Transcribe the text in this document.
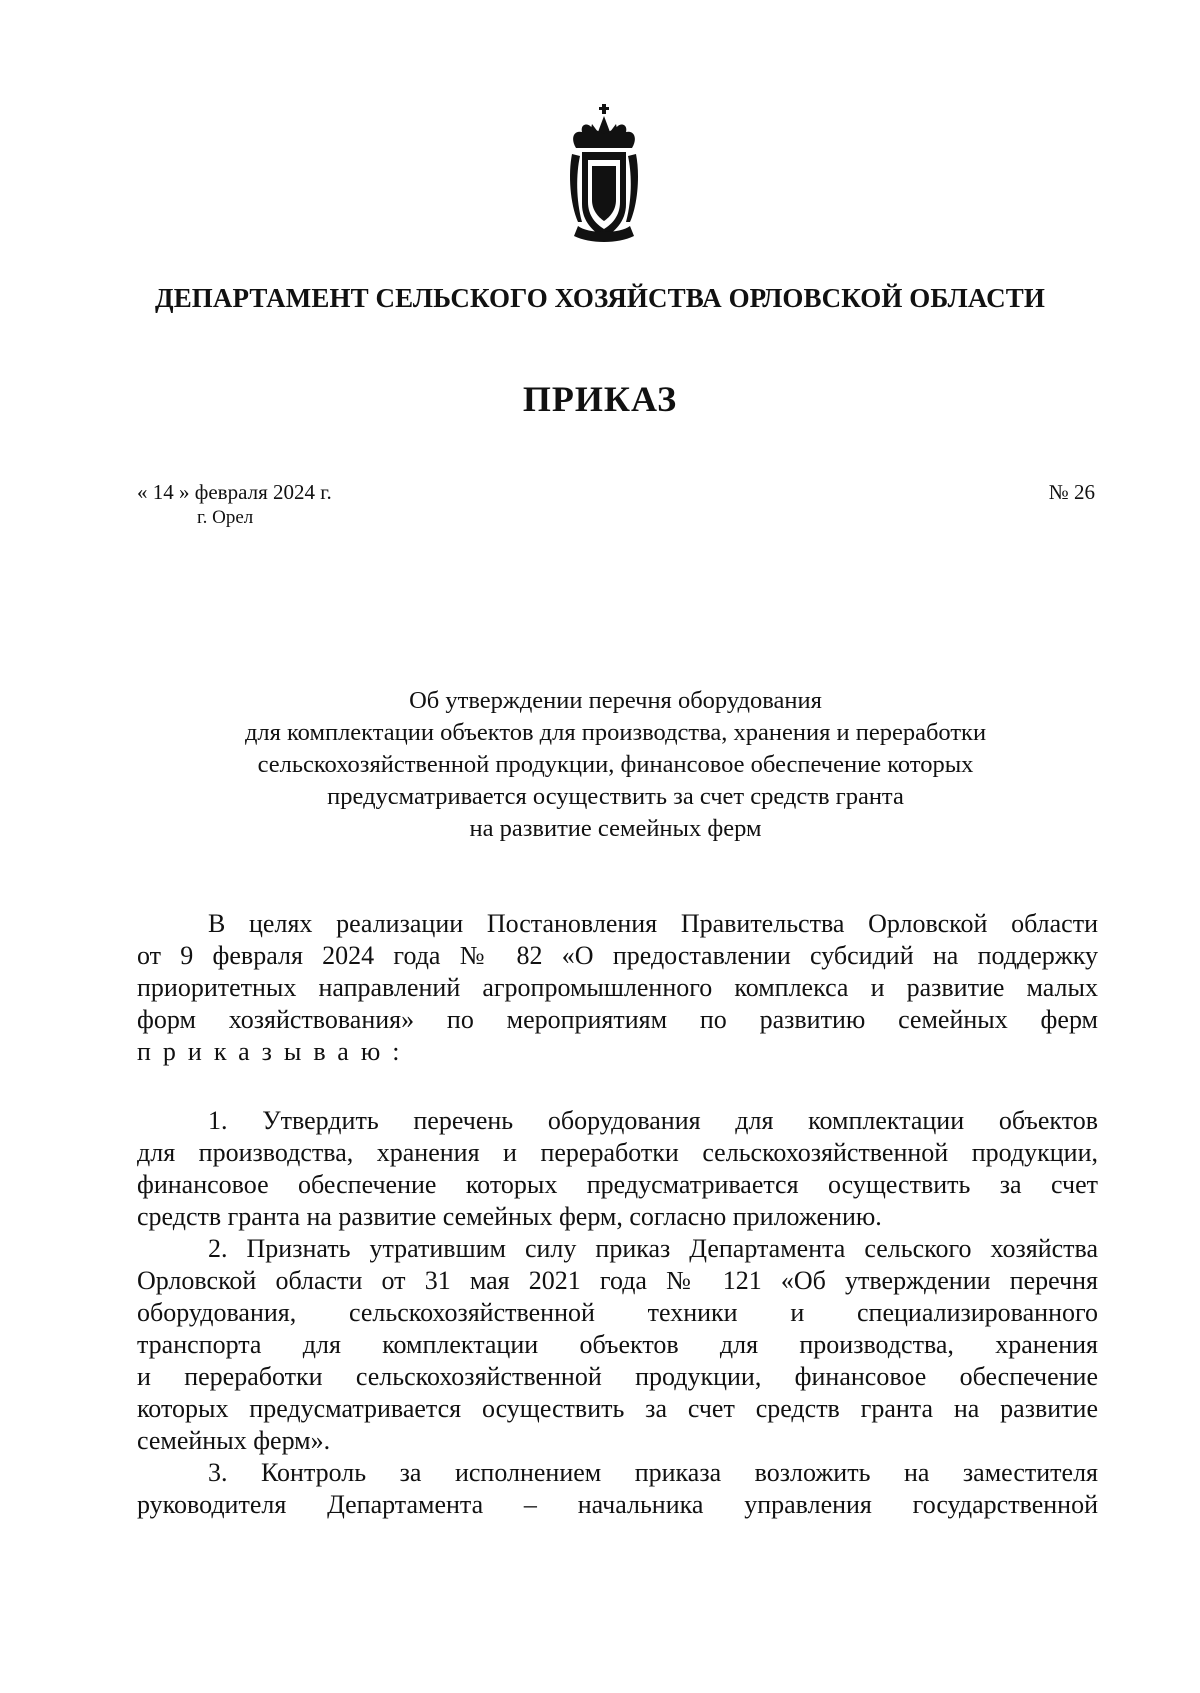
ДЕПАРТАМЕНТ СЕЛЬСКОГО ХОЗЯЙСТВА ОРЛОВСКОЙ ОБЛАСТИ
ПРИКАЗ
« 14 » февраля 2024 г.
г. Орел
№ 26
Об утверждении перечня оборудования
для комплектации объектов для производства, хранения и переработки
сельскохозяйственной продукции, финансовое обеспечение которых
предусматривается осуществить за счет средств гранта
на развитие семейных ферм
В целях реализации Постановления Правительства Орловской области
от 9 февраля 2024 года № 82 «О предоставлении субсидий на поддержку
приоритетных направлений агропромышленного комплекса и развитие малых
форм хозяйствования» по мероприятиям по развитию семейных ферм
приказываю:
1. Утвердить перечень оборудования для комплектации объектов
для производства, хранения и переработки сельскохозяйственной продукции,
финансовое обеспечение которых предусматривается осуществить за счет
средств гранта на развитие семейных ферм, согласно приложению.
2. Признать утратившим силу приказ Департамента сельского хозяйства
Орловской области от 31 мая 2021 года № 121 «Об утверждении перечня
оборудования, сельскохозяйственной техники и специализированного
транспорта для комплектации объектов для производства, хранения
и переработки сельскохозяйственной продукции, финансовое обеспечение
которых предусматривается осуществить за счет средств гранта на развитие
семейных ферм».
3. Контроль за исполнением приказа возложить на заместителя
руководителя Департамента – начальника управления государственной
